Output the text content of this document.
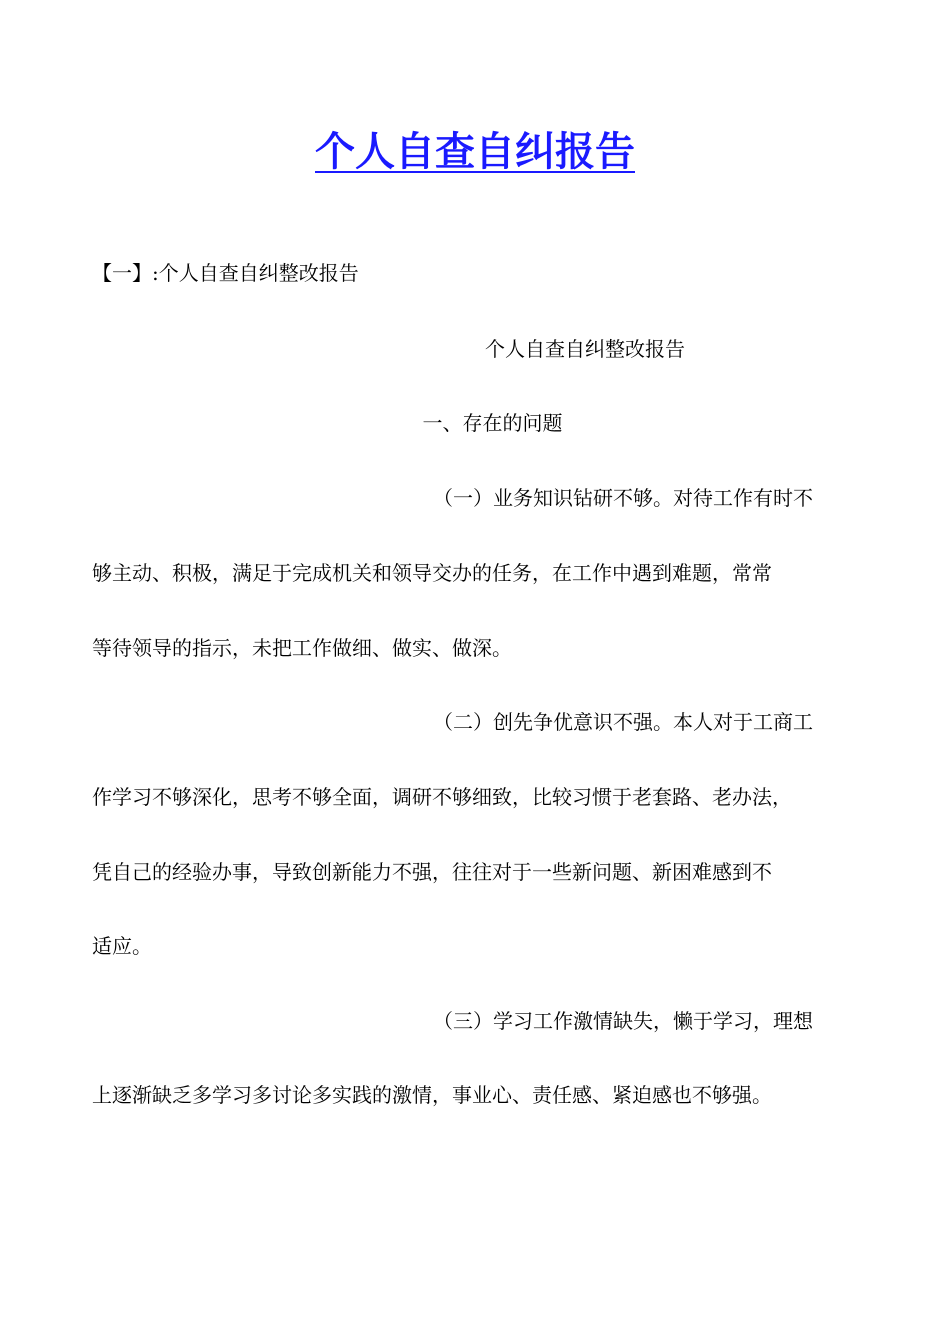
个人自查自纠报告
【一】:个人自查自纠整改报告
个人自查自纠整改报告
一、存在的问题
（一）业务知识钻研不够。对待工作有时不
够主动、积极，满足于完成机关和领导交办的任务，在工作中遇到难题，常常
等待领导的指示，未把工作做细、做实、做深。
（二）创先争优意识不强。本人对于工商工
作学习不够深化，思考不够全面，调研不够细致，比较习惯于老套路、老办法，
凭自己的经验办事，导致创新能力不强，往往对于一些新问题、新困难感到不
适应。
（三）学习工作激情缺失，懒于学习，理想
上逐渐缺乏多学习多讨论多实践的激情，事业心、责任感、紧迫感也不够强。
